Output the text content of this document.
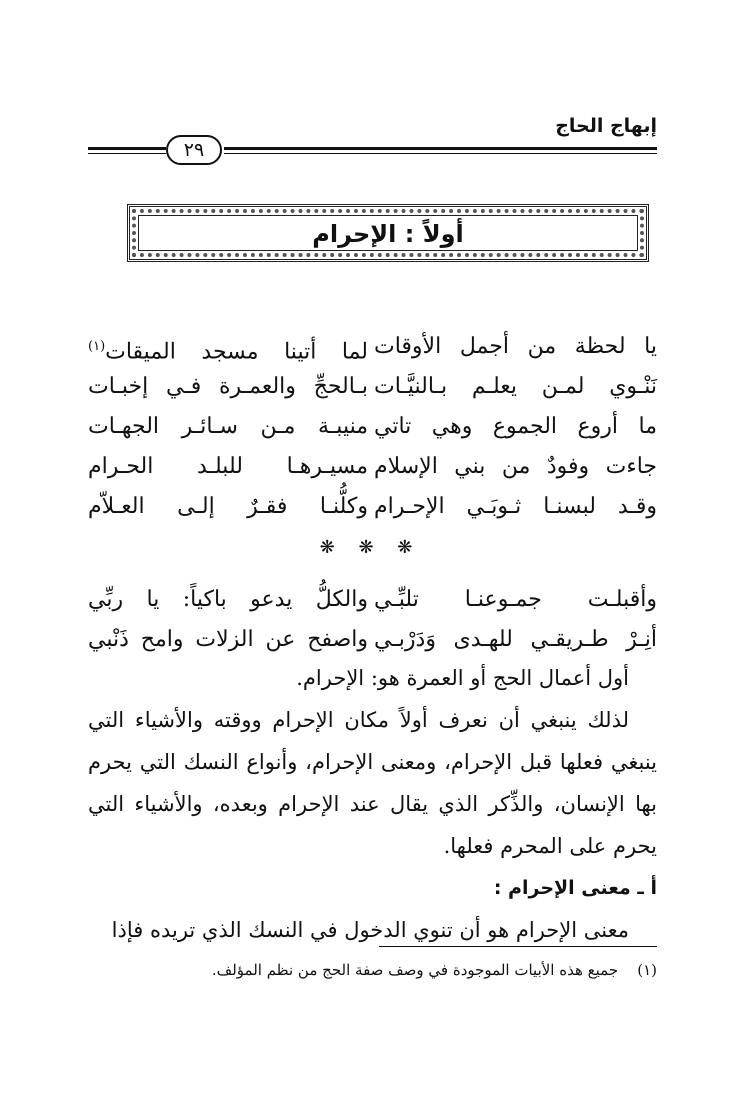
إبهاج الحاج
٢٩
أولاً : الإحرام
يا لحظة من أجمل الأوقات
لما أتينا مسجد الميقات$^{(١)}$
نَنْـوي لمـن يعلـم بـالنيَّـات
بـالحجِّ والعمـرة فـي إخبـات
ما أروع الجموع وهي تاتي
منيبـة مـن سـائـر الجهـات
جاءت وفودٌ من بني الإسلام
مسيـرهـا للبلـد الحـرام
وقـد لبسنـا ثـوبَـي الإحـرام
وكلُّنـا فقـرٌ إلـى العـلاّم
❋ ❋ ❋
وأقبلـت جمـوعنـا تلبِّـي
والكلُّ يدعو باكياً: يا ربِّي
أنِـرْ طـريقـي للهـدى وَدَرْبـي
واصفح عن الزلات وامح ذَنْبي

أول أعمال الحج أو العمرة هو: الإحرام.

لذلك ينبغي أن نعرف أولاً مكان الإحرام ووقته والأشياء التي ينبغي فعلها قبل الإحرام، ومعنى الإحرام، وأنواع النسك التي يحرم بها الإنسان، والذِّكر الذي يقال عند الإحرام وبعده، والأشياء التي يحرم على المحرم فعلها.

أ ـ معنى الإحرام :

معنى الإحرام هو أن تنوي الدخول في النسك الذي تريده فإذا

(١)    جميع هذه الأبيات الموجودة في وصف صفة الحج من نظم المؤلف.
